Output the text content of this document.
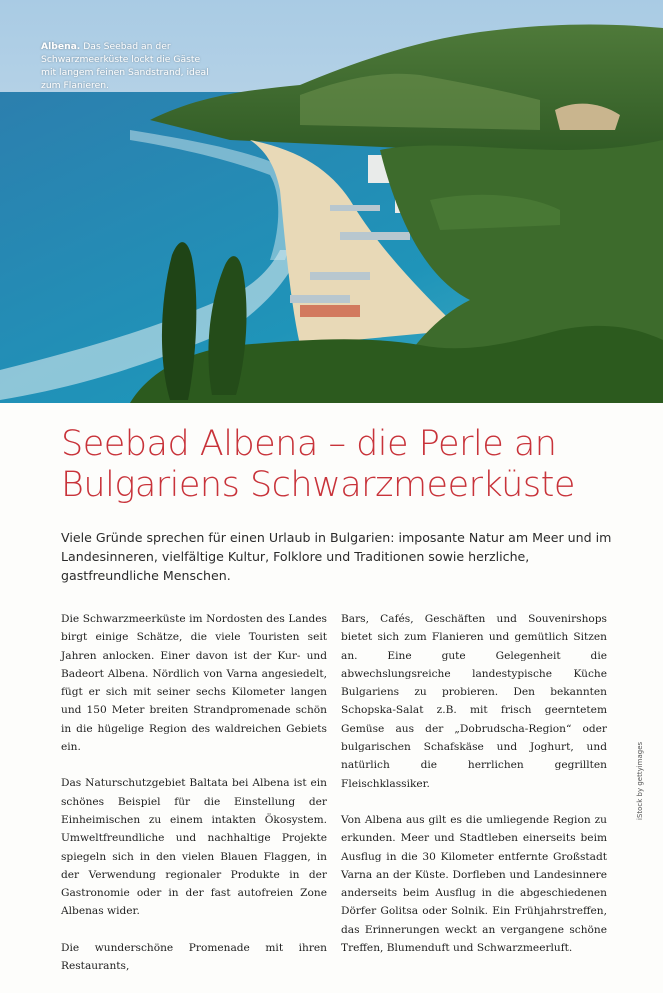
Albena. Das Seebad an der Schwarzmeerküste lockt die Gäste mit langem feinen Sandstrand, ideal zum Flanieren.
Seebad Albena – die Perle an
Bulgariens Schwarzmeerküste

Viele Gründe sprechen für einen Urlaub in Bulgarien: imposante Natur am Meer und im Landesinneren, vielfältige Kultur, Folklore und Traditionen sowie herzliche, gastfreundliche Menschen.

Die Schwarzmeerküste im Nordosten des Landes birgt einige Schätze, die viele Touristen seit Jahren anlocken. Einer davon ist der Kur- und Badeort Albena. Nördlich von Varna angesiedelt, fügt er sich mit seiner sechs Kilometer langen und 150 Meter breiten Strandpromenade schön in die hügelige Region des waldreichen Gebiets ein.

Das Naturschutzgebiet Baltata bei Albena ist ein schönes Beispiel für die Einstellung der Einheimischen zu einem intakten Ökosystem. Umweltfreundliche und nachhaltige Projekte spiegeln sich in den vielen Blauen Flaggen, in der Verwendung regionaler Produkte in der Gastronomie oder in der fast autofreien Zone Albenas wider.

Die wunderschöne Promenade mit ihren Restaurants,

Bars, Cafés, Geschäften und Souvenirshops bietet sich zum Flanieren und gemütlich Sitzen an. Eine gute Gelegenheit die abwechslungsreiche landestypische Küche Bulgariens zu probieren. Den bekannten Schopska-Salat z.B. mit frisch geerntetem Gemüse aus der „Dobrudscha-Region“ oder bulgarischen Schafskäse und Joghurt, und natürlich die herrlichen gegrillten Fleischklassiker.

Von Albena aus gilt es die umliegende Region zu erkunden. Meer und Stadtleben einerseits beim Ausflug in die 30 Kilometer entfernte Großstadt Varna an der Küste. Dorfleben und Landesinnere anderseits beim Ausflug in die abgeschiedenen Dörfer Golitsa oder Solnik. Ein Frühjahrstreffen, das Erinnerungen weckt an vergangene schöne Treffen, Blumenduft und Schwarzmeerluft.

iStock by gettyimages
